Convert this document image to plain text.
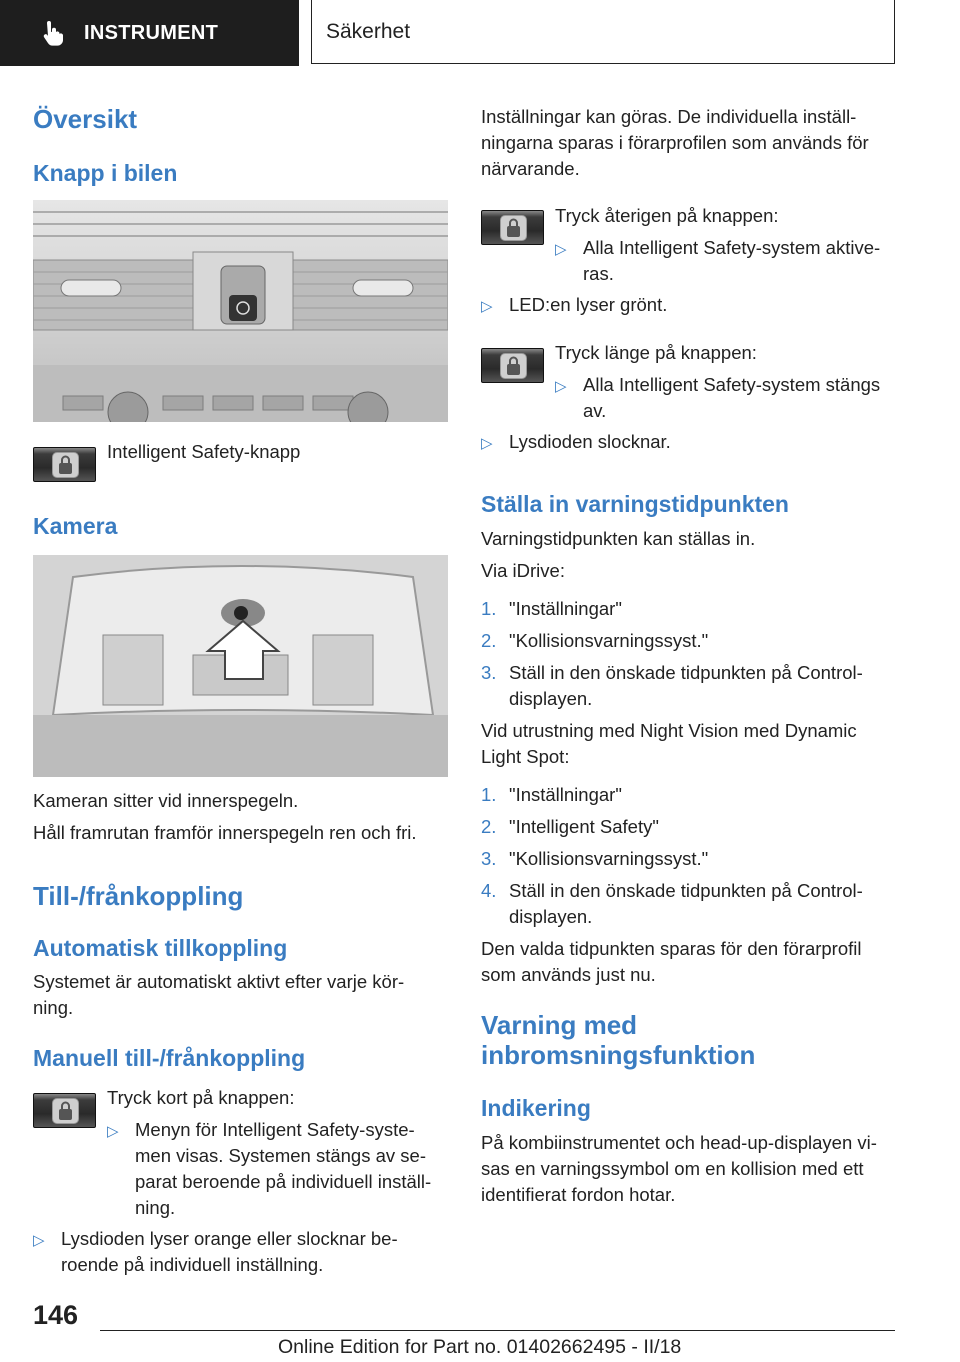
INSTRUMENT	Säkerhet
Översikt
Knapp i bilen
Intelligent Safety-knapp
Kamera
Kameran sitter vid innerspegeln.
Håll framrutan framför innerspegeln ren och fri.
Till-/frånkoppling
Automatisk tillkoppling
Systemet är automatiskt aktivt efter varje kör‐
ning.
Manuell till-/frånkoppling
Tryck kort på knappen:
▷ Menyn för Intelligent Safety-syste‐
men visas. Systemen stängs av se‐
parat beroende på individuell inställ‐
ning.
▷ Lysdioden lyser orange eller slocknar be‐
roende på individuell inställning.
Inställningar kan göras. De individuella inställ‐
ningarna sparas i förarprofilen som används för
närvarande.
Tryck återigen på knappen:
▷ Alla Intelligent Safety-system aktive‐
ras.
▷ LED:en lyser grönt.
Tryck länge på knappen:
▷ Alla Intelligent Safety-system stängs
av.
▷ Lysdioden slocknar.
Ställa in varningstidpunkten
Varningstidpunkten kan ställas in.
Via iDrive:
1. "Inställningar"
2. "Kollisionsvarningssyst."
3. Ställ in den önskade tidpunkten på Control-
displayen.
Vid utrustning med Night Vision med Dynamic
Light Spot:
1. "Inställningar"
2. "Intelligent Safety"
3. "Kollisionsvarningssyst."
4. Ställ in den önskade tidpunkten på Control-
displayen.
Den valda tidpunkten sparas för den förarprofil
som används just nu.
Varning med
inbromsningsfunktion
Indikering
På kombiinstrumentet och head-up-displayen vi‐
sas en varningssymbol om en kollision med ett
identifierat fordon hotar.
146
Online Edition for Part no. 01402662495 - II/18
